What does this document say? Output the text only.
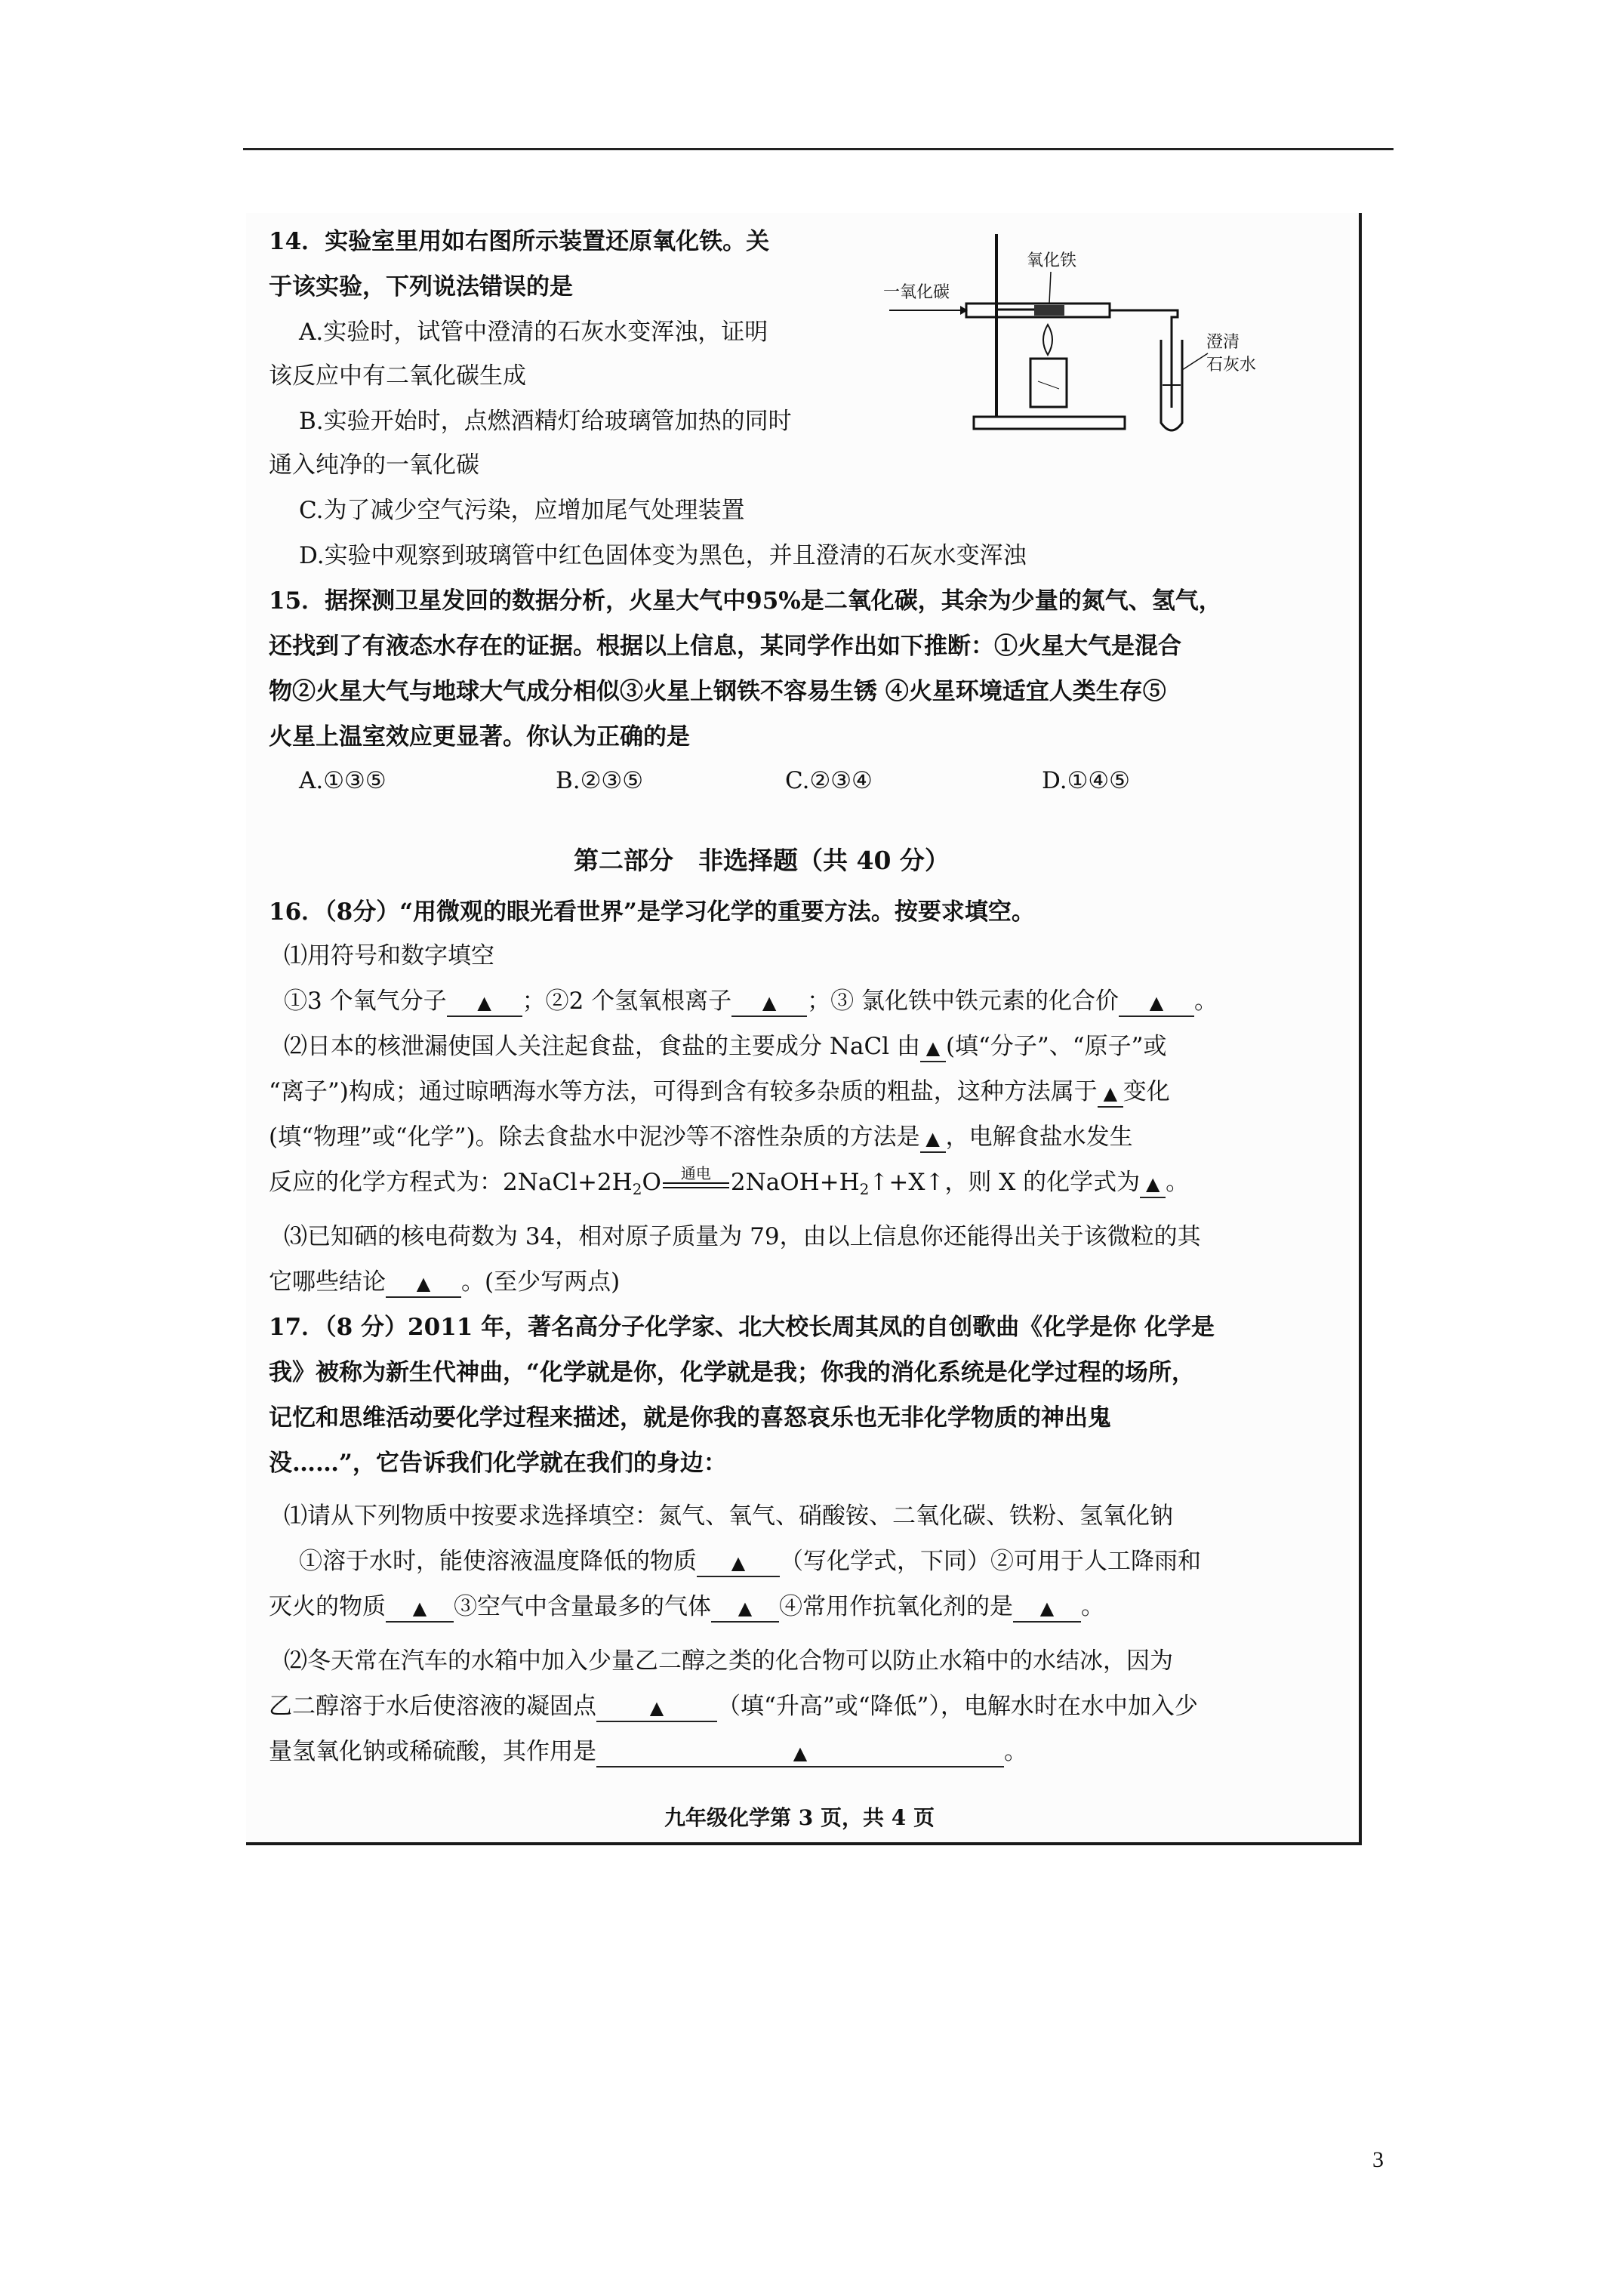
14．实验室里用如右图所示装置还原氧化铁。关
于该实验，下列说法错误的是
A.实验时，试管中澄清的石灰水变浑浊，证明
该反应中有二氧化碳生成
B.实验开始时，点燃酒精灯给玻璃管加热的同时
通入纯净的一氧化碳
C.为了减少空气污染，应增加尾气处理装置
D.实验中观察到玻璃管中红色固体变为黑色，并且澄清的石灰水变浑浊
氧化铁
一氧化碳
澄清
石灰水
15．据探测卫星发回的数据分析，火星大气中95%是二氧化碳，其余为少量的氮气、氢气，
还找到了有液态水存在的证据。根据以上信息，某同学作出如下推断：①火星大气是混合
物②火星大气与地球大气成分相似③火星上钢铁不容易生锈 ④火星环境适宜人类生存⑤
火星上温室效应更显著。你认为正确的是
A.①③⑤	B.②③⑤	C.②③④	D.①④⑤
第二部分　非选择题（共 40 分）
16．（8分）“用微观的眼光看世界”是学习化学的重要方法。按要求填空。
⑴用符号和数字填空
①3 个氧气分子 ▲ ；②2 个氢氧根离子 ▲ ；③ 氯化铁中铁元素的化合价 ▲ 。
⑵日本的核泄漏使国人关注起食盐，食盐的主要成分 NaCl 由 ▲ (填“分子”、“原子”或
“离子”)构成；通过晾晒海水等方法，可得到含有较多杂质的粗盐，这种方法属于 ▲ 变化
(填“物理”或“化学”)。除去食盐水中泥沙等不溶性杂质的方法是 ▲ ，电解食盐水发生
反应的化学方程式为：$2NaCl+2H_2O$	通电 $2NaOH+H_2↑+X↑$，则 X 的化学式为 ▲ 。
⑶已知硒的核电荷数为 34，相对原子质量为 79，由以上信息你还能得出关于该微粒的其
它哪些结论 ▲ 。(至少写两点)
17．（8 分）2011 年，著名高分子化学家、北大校长周其凤的自创歌曲《化学是你 化学是
我》被称为新生代神曲，“化学就是你，化学就是我；你我的消化系统是化学过程的场所，
记忆和思维活动要化学过程来描述，就是你我的喜怒哀乐也无非化学物质的神出鬼
没……”，它告诉我们化学就在我们的身边：
⑴请从下列物质中按要求选择填空：氮气、氧气、硝酸铵、二氧化碳、铁粉、氢氧化钠
①溶于水时，能使溶液温度降低的物质 ▲ （写化学式，下同）②可用于人工降雨和
灭火的物质 ▲ ③空气中含量最多的气体 ▲ ④常用作抗氧化剂的是 ▲ 。
⑵冬天常在汽车的水箱中加入少量乙二醇之类的化合物可以防止水箱中的水结冰，因为
乙二醇溶于水后使溶液的凝固点	▲ （填“升高”或“降低”），电解水时在水中加入少
量氢氧化钠或稀硫酸，其作用是	▲	。
九年级化学第 3 页，共 4 页
3
